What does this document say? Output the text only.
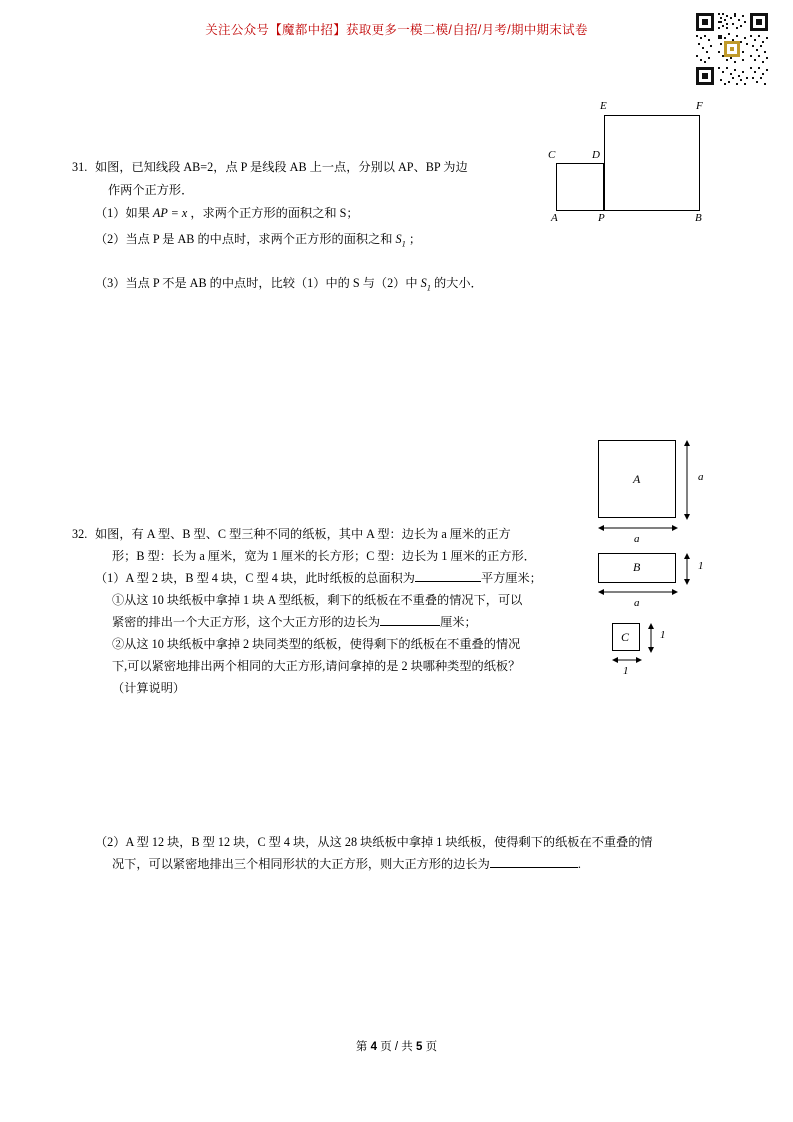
关注公众号【魔都中招】获取更多一模二模/自招/月考/期中期末试卷
E	F
C	D
A	P	B
31. 如图，已知线段 AB=2，点 P 是线段 AB 上一点，分别以 AP、BP 为边
作两个正方形．
（1）如果 AP = x ，求两个正方形的面积之和 S；
（2）当点 P 是 AB 的中点时，求两个正方形的面积之和 $S_1$ ；
（3）当点 P 不是 AB 的中点时，比较（1）中的 S 与（2）中 $S_1$ 的大小．
A	a
a
B	1
a
C	1
1
32. 如图，有 A 型、B 型、C 型三种不同的纸板，其中 A 型：边长为 a 厘米的正方
形；B 型：长为 a 厘米，宽为 1 厘米的长方形；C 型：边长为 1 厘米的正方形．
（1）A 型 2 块，B 型 4 块，C 型 4 块，此时纸板的总面积为	平方厘米；
①从这 10 块纸板中拿掉 1 块 A 型纸板，剩下的纸板在不重叠的情况下，可以
紧密的排出一个大正方形，这个大正方形的边长为	厘米；
②从这 10 块纸板中拿掉 2 块同类型的纸板，使得剩下的纸板在不重叠的情况
下,可以紧密地排出两个相同的大正方形,请问拿掉的是 2 块哪种类型的纸板？
（计算说明）
（2）A 型 12 块，B 型 12 块，C 型 4 块，从这 28 块纸板中拿掉 1 块纸板，使得剩下的纸板在不重叠的情
况下，可以紧密地排出三个相同形状的大正方形，则大正方形的边长为	.
第 4 页 / 共 5 页
